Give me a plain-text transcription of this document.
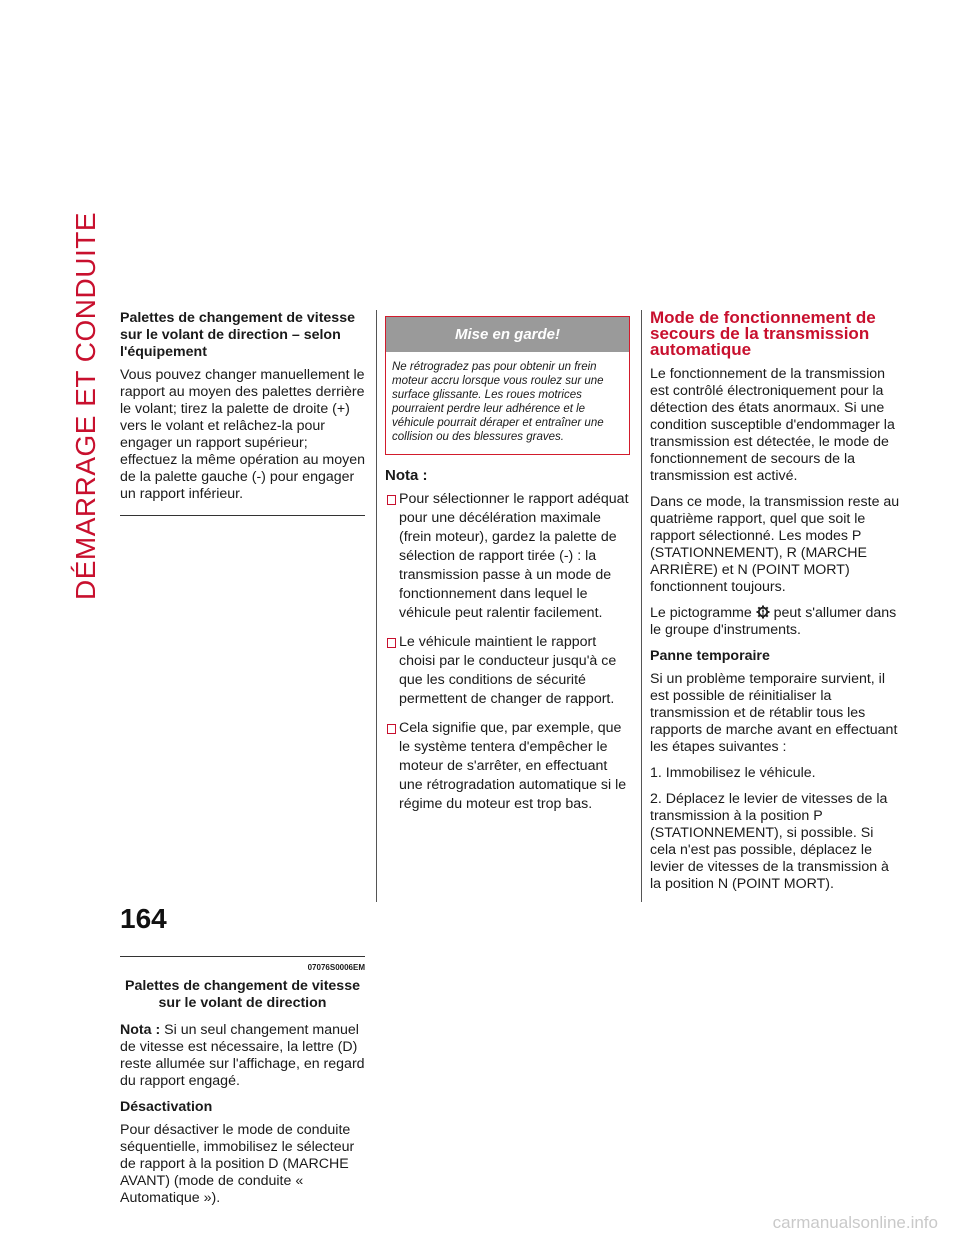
DÉMARRAGE ET CONDUITE Palettes de changement de vitesse sur le volant de direction – selon l'équipement

Vous pouvez changer manuellement le rapport au moyen des palettes derrière le volant; tirez la palette de droite (+) vers le volant et relâchez-la pour engager un rapport supérieur; effectuez la même opération au moyen de la palette gauche (-) pour engager un rapport inférieur.

07076S0006EM
Palettes de changement de vitesse sur le volant de direction

Nota : Si un seul changement manuel de vitesse est nécessaire, la lettre (D) reste allumée sur l'affichage, en regard du rapport engagé.

Désactivation

Pour désactiver le mode de conduite séquentielle, immobilisez le sélecteur de rapport à la position D (MARCHE AVANT) (mode de conduite « Automatique »).

Mise en garde!
Ne rétrogradez pas pour obtenir un frein moteur accru lorsque vous roulez sur une surface glissante. Les roues motrices pourraient perdre leur adhérence et le véhicule pourrait déraper et entraîner une collision ou des blessures graves.
Nota :
Pour sélectionner le rapport adéquat pour une décélération maximale (frein moteur), gardez la palette de sélection de rapport tirée (-) : la transmission passe à un mode de fonctionnement dans lequel le véhicule peut ralentir facilement.
Le véhicule maintient le rapport choisi par le conducteur jusqu'à ce que les conditions de sécurité permettent de changer de rapport.
Cela signifie que, par exemple, que le système tentera d'empêcher le moteur de s'arrêter, en effectuant une rétrogradation automatique si le régime du moteur est trop bas.
Mode de fonctionnement de secours de la transmission automatique

Le fonctionnement de la transmission est contrôlé électroniquement pour la détection des états anormaux. Si une condition susceptible d'endommager la transmission est détectée, le mode de fonctionnement de secours de la transmission est activé.

Dans ce mode, la transmission reste au quatrième rapport, quel que soit le rapport sélectionné. Les modes P (STATIONNEMENT), R (MARCHE ARRIÈRE) et N (POINT MORT) fonctionnent toujours.

Le pictogramme peut s'allumer dans le groupe d'instruments.

Panne temporaire

Si un problème temporaire survient, il est possible de réinitialiser la transmission et de rétablir tous les rapports de marche avant en effectuant les étapes suivantes :

1. Immobilisez le véhicule.

2. Déplacez le levier de vitesses de la transmission à la position P (STATIONNEMENT), si possible. Si cela n'est pas possible, déplacez le levier de vitesses de la transmission à la position N (POINT MORT).

164
carmanualsonline.info
